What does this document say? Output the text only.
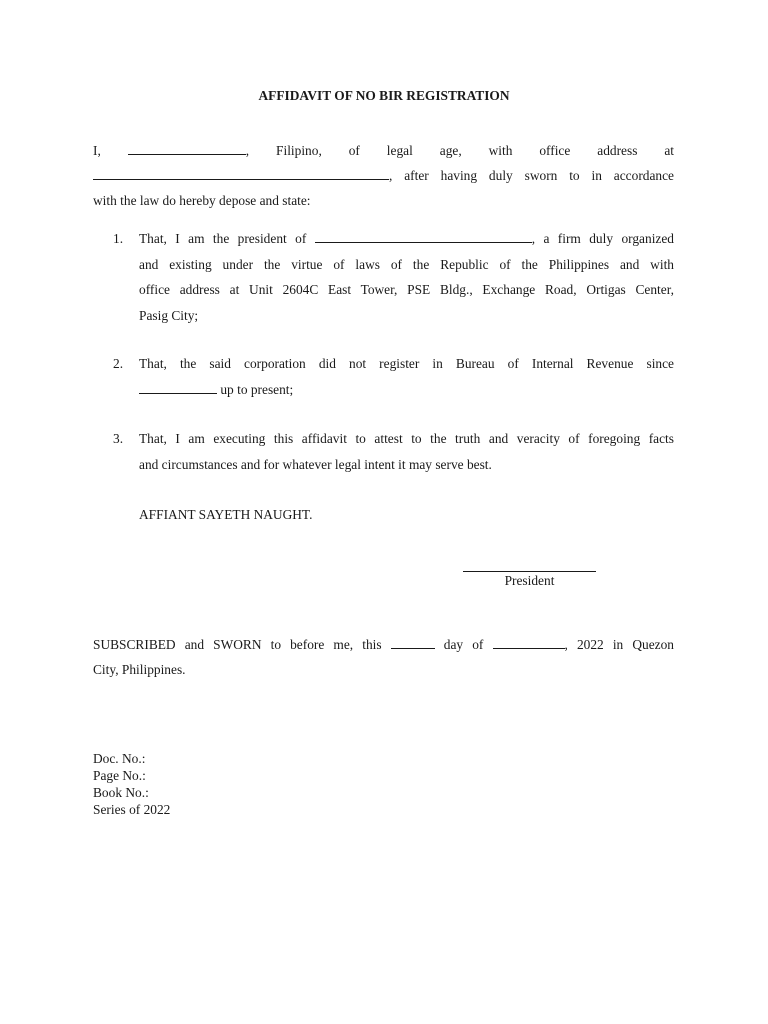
AFFIDAVIT OF NO BIR REGISTRATION
I,	, Filipino, of legal age, with office address at
, after having duly sworn to in accordance
with the law do hereby depose and state:
1. That, I am the president of	, a firm duly organized
and existing under the virtue of laws of the Republic of the Philippines and with
office address at Unit 2604C East Tower, PSE Bldg., Exchange Road, Ortigas Center,
Pasig City;
2. That, the said corporation did not register in Bureau of Internal Revenue since
up to present;
3. That, I am executing this affidavit to attest to the truth and veracity of foregoing facts
and circumstances and for whatever legal intent it may serve best.
AFFIANT SAYETH NAUGHT.
President
SUBSCRIBED and SWORN to before me, this	day of	, 2022 in Quezon
City, Philippines.
Doc. No.:
Page No.:
Book No.:
Series of 2022
